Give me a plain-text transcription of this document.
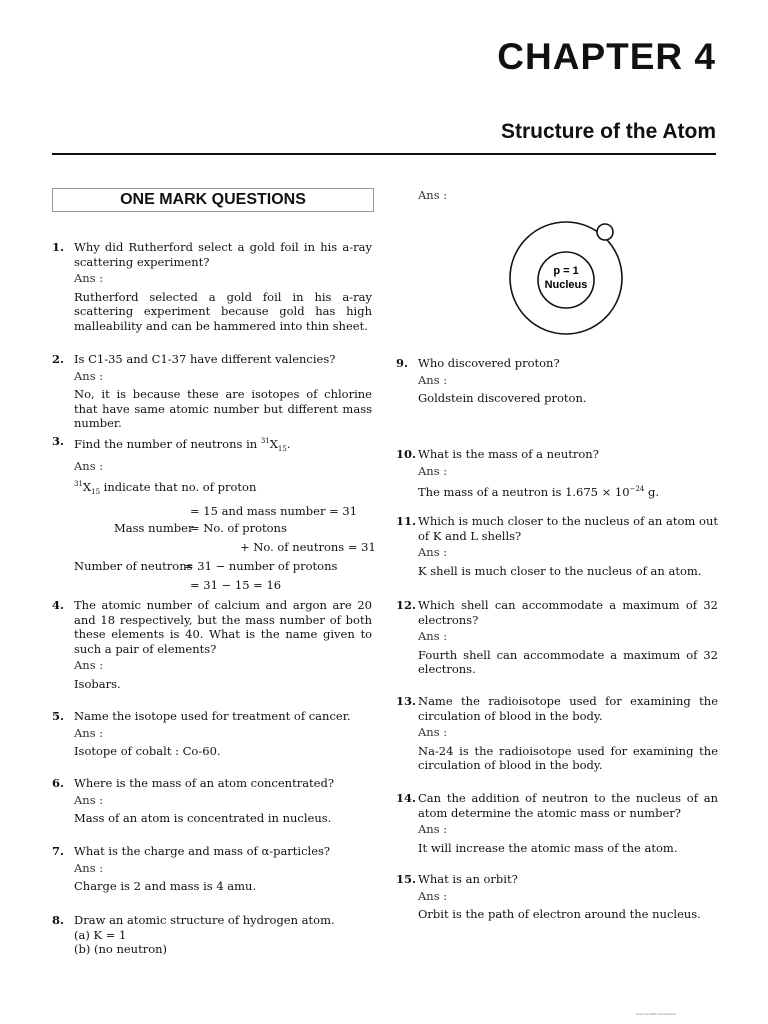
CHAPTER 4
Structure of the Atom
ONE MARK QUESTIONS
1. Why did Rutherford select a gold foil in his a-ray scattering experiment?
Ans :
Rutherford selected a gold foil in his a-ray scattering experiment because gold has high malleability and can be hammered into thin sheet.
2. Is C1-35 and C1-37 have different valencies?
Ans :
No, it is because these are isotopes of chlorine that have same atomic number but different mass number.
3. Find the number of neutrons in $^{31}X_{15}$.
Ans :
$^{31}X_{15}$ indicate that no. of proton
= 15 and mass number = 31
Mass number
= No. of protons
+ No. of neutrons = 31
Number of neutrons
= 31 − number of protons
= 31 − 15 = 16
4. The atomic number of calcium and argon are 20 and 18 respectively, but the mass number of both these elements is 40. What is the name given to such a pair of elements?
Ans :
Isobars.
5. Name the isotope used for treatment of cancer.
Ans :
Isotope of cobalt : Co-60.
6. Where is the mass of an atom concentrated?
Ans :
Mass of an atom is concentrated in nucleus.
7. What is the charge and mass of α-particles?
Ans :
Charge is 2 and mass is 4 amu.
8. Draw an atomic structure of hydrogen atom.
(a) K = 1
(b) (no neutron)
Ans :
p = 1
Nucleus
9. Who discovered proton?
Ans :
Goldstein discovered proton.
10. What is the mass of a neutron?
Ans :
The mass of a neutron is $1.675 \times 10^{-24}$ g.
11. Which is much closer to the nucleus of an atom out of K and L shells?
Ans :
K shell is much closer to the nucleus of an atom.
12. Which shell can accommodate a maximum of 32 electrons?
Ans :
Fourth shell can accommodate a maximum of 32 electrons.
13. Name the radioisotope used for examining the circulation of blood in the body.
Ans :
Na-24 is the radioisotope used for examining the circulation of blood in the body.
14. Can the addition of neutron to the nucleus of an atom determine the atomic mass or number?
Ans :
It will increase the atomic mass of the atom.
15. What is an orbit?
Ans :
Orbit is the path of electron around the nucleus.
Scanned with CamScanner
